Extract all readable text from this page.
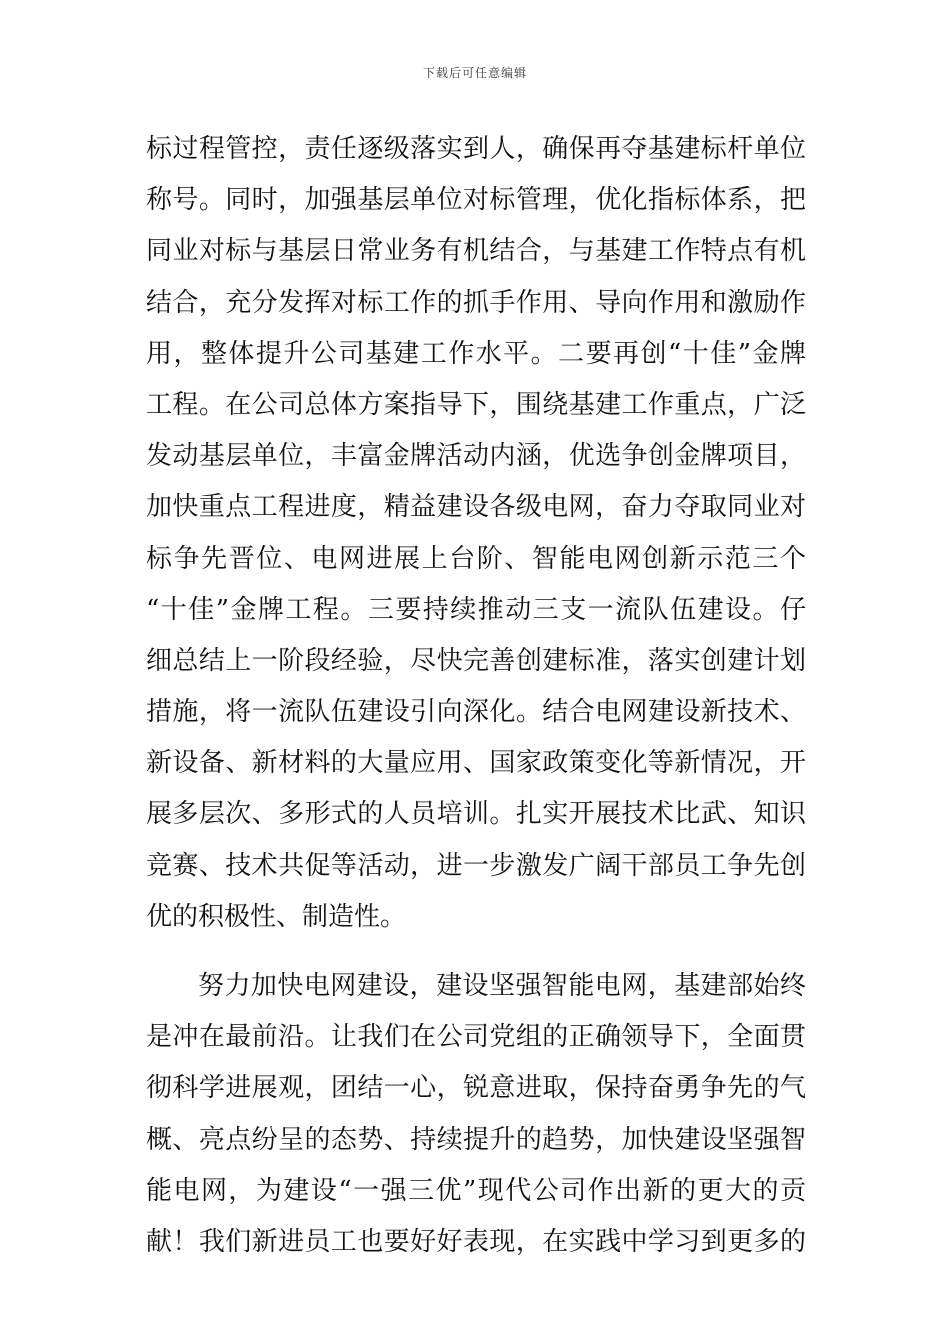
下载后可任意编辑
标过程管控，责任逐级落实到人，确保再夺基建标杆单位
称号。同时，加强基层单位对标管理，优化指标体系，把
同业对标与基层日常业务有机结合，与基建工作特点有机
结合，充分发挥对标工作的抓手作用、导向作用和激励作
用，整体提升公司基建工作水平。二要再创“十佳”金牌
工程。在公司总体方案指导下，围绕基建工作重点，广泛
发动基层单位，丰富金牌活动内涵，优选争创金牌项目，
加快重点工程进度，精益建设各级电网，奋力夺取同业对
标争先晋位、电网进展上台阶、智能电网创新示范三个
“十佳”金牌工程。三要持续推动三支一流队伍建设。仔
细总结上一阶段经验，尽快完善创建标准，落实创建计划
措施，将一流队伍建设引向深化。结合电网建设新技术、
新设备、新材料的大量应用、国家政策变化等新情况，开
展多层次、多形式的人员培训。扎实开展技术比武、知识
竞赛、技术共促等活动，进一步激发广阔干部员工争先创
优的积极性、制造性。
努力加快电网建设，建设坚强智能电网，基建部始终
是冲在最前沿。让我们在公司党组的正确领导下，全面贯
彻科学进展观，团结一心，锐意进取，保持奋勇争先的气
概、亮点纷呈的态势、持续提升的趋势，加快建设坚强智
能电网，为建设“一强三优”现代公司作出新的更大的贡
献！我们新进员工也要好好表现，在实践中学习到更多的
